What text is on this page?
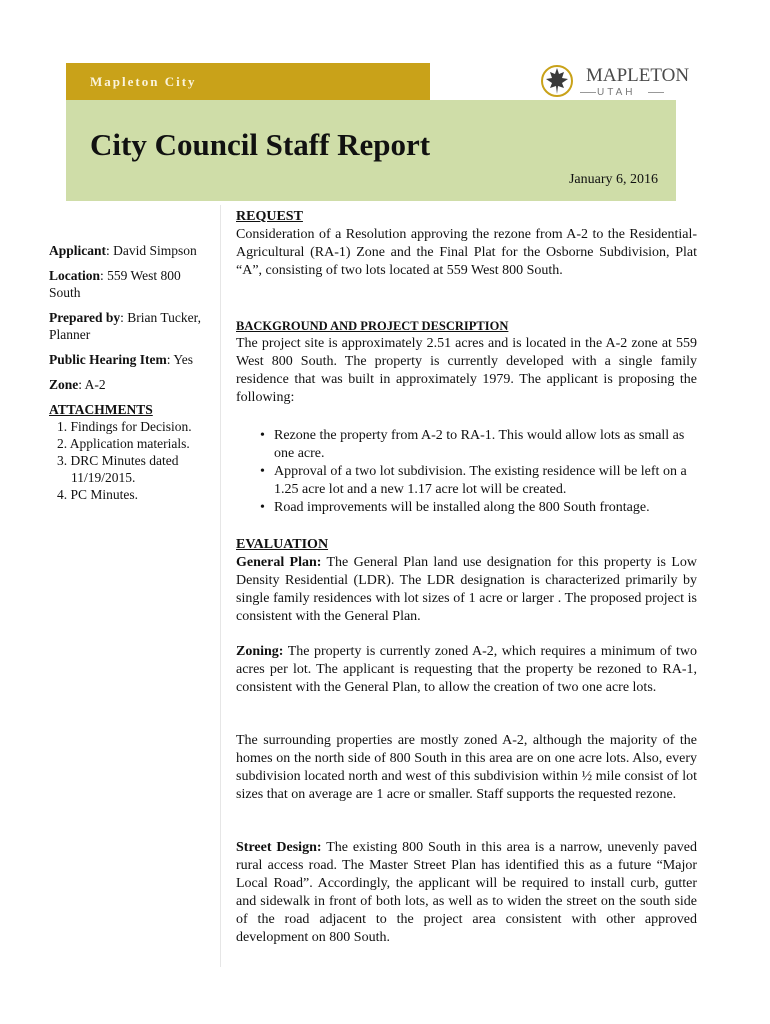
Mapleton City
City Council Staff Report
January 6, 2016
MAPLETON
UTAH
Applicant: David Simpson
Location: 559 West 800 South
Prepared by: Brian Tucker, Planner
Public Hearing Item: Yes
Zone: A-2
ATTACHMENTS
1. Findings for Decision.
2. Application materials.
3. DRC Minutes dated
11/19/2015.
4. PC Minutes.
REQUEST

Consideration of a Resolution approving the rezone from A-2 to the Residential-Agricultural (RA-1) Zone and the Final Plat for the Osborne Subdivision, Plat “A”, consisting of two lots located at 559 West 800 South.

BACKGROUND AND PROJECT DESCRIPTION

The project site is approximately 2.51 acres and is located in the A-2 zone at 559 West 800 South. The property is currently developed with a single family residence that was built in approximately 1979. The applicant is proposing the following:

• Rezone the property from A-2 to RA-1. This would allow lots as small as one acre.
• Approval of a two lot subdivision. The existing residence will be left on a 1.25 acre lot and a new 1.17 acre lot will be created.
• Road improvements will be installed along the 800 South frontage.
EVALUATION

General Plan: The General Plan land use designation for this property is Low Density Residential (LDR). The LDR designation is characterized primarily by single family residences with lot sizes of 1 acre or larger . The proposed project is consistent with the General Plan.

Zoning: The property is currently zoned A-2, which requires a minimum of two acres per lot. The applicant is requesting that the property be rezoned to RA-1, consistent with the General Plan, to allow the creation of two one acre lots.

The surrounding properties are mostly zoned A-2, although the majority of the homes on the north side of 800 South in this area are on one acre lots. Also, every subdivision located north and west of this subdivision within ½ mile consist of lot sizes that on average are 1 acre or smaller. Staff supports the requested rezone.

Street Design: The existing 800 South in this area is a narrow, unevenly paved rural access road. The Master Street Plan has identified this as a future “Major Local Road”. Accordingly, the applicant will be required to install curb, gutter and sidewalk in front of both lots, as well as to widen the street on the south side of the road adjacent to the project area consistent with other approved development on 800 South.
